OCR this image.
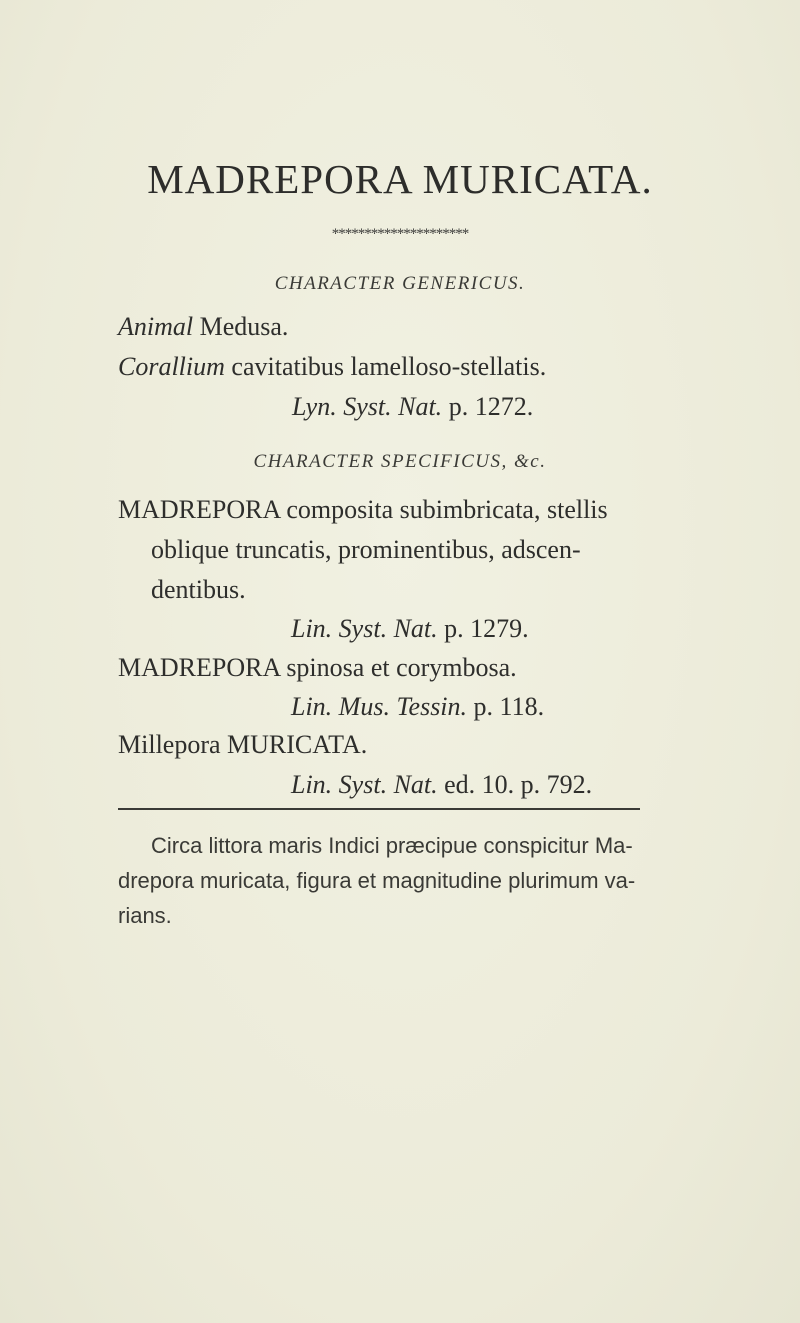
MADREPORA MURICATA.
*********************
CHARACTER GENERICUS.
Animal Medusa.
Corallium cavitatibus lamelloso-stellatis.
Lyn. Syst. Nat. p. 1272.
CHARACTER SPECIFICUS, &c.
MADREPORA composita subimbricata, stellis
oblique truncatis, prominentibus, adscen-
dentibus.
Lin. Syst. Nat. p. 1279.
MADREPORA spinosa et corymbosa.
Lin. Mus. Tessin. p. 118.
Millepora MURICATA.
Lin. Syst. Nat. ed. 10. p. 792.
Circa littora maris Indici præcipue conspicitur Ma-
drepora muricata, figura et magnitudine plurimum va-
rians.
